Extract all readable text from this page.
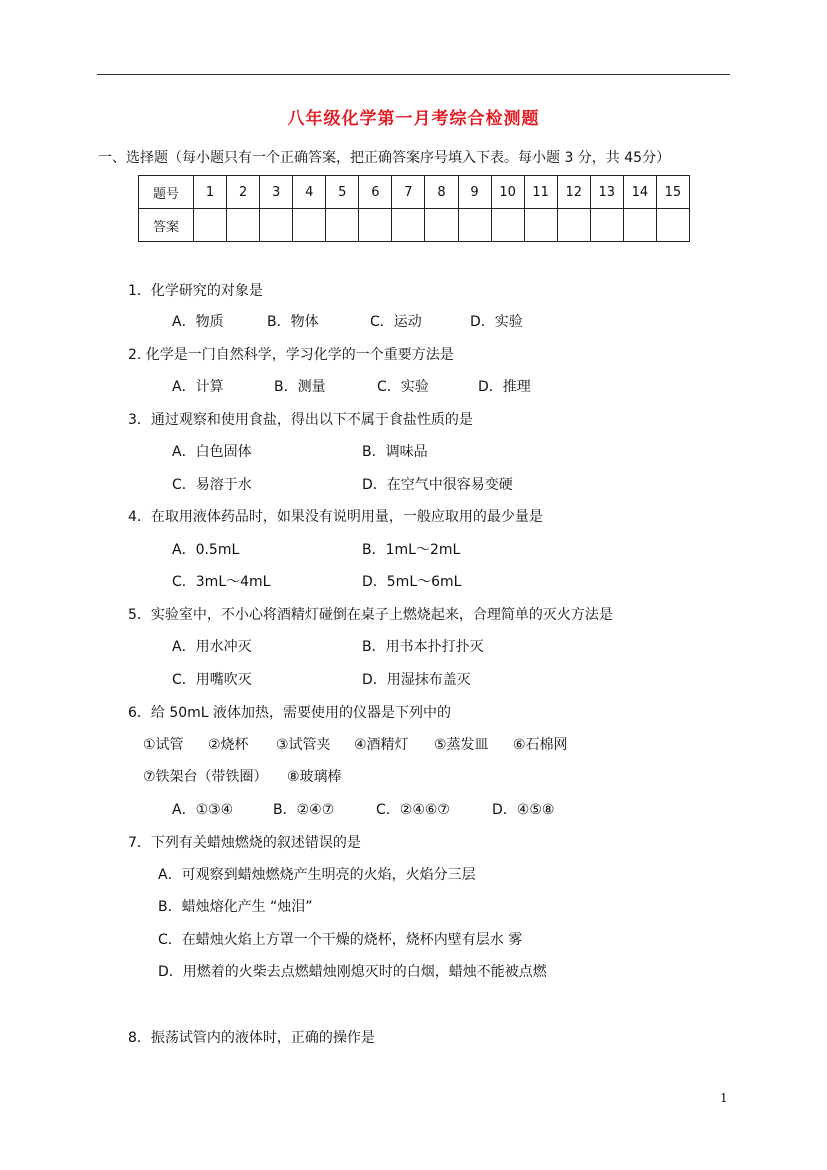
八年级化学第一月考综合检测题
一、选择题（每小题只有一个正确答案，把正确答案序号填入下表。每小题 3 分，共 45分）
题号	1	2	3	4	5	6	7	8	9	10	11	12	13	14	15
答案															
1．化学研究的对象是
A．物质	B．物体	C．运动	D．实验
2. 化学是一门自然科学，学习化学的一个重要方法是
A．计算	B．测量	C．实验	D．推理
3．通过观察和使用食盐，得出以下不属于食盐性质的是
A．白色固体	B．调味品
C．易溶于水	D．在空气中很容易变硬
4．在取用液体药品时，如果没有说明用量，一般应取用的最少量是
A．0.5mL	B．1mL～2mL
C．3mL～4mL	D．5mL～6mL
5．实验室中，不小心将酒精灯碰倒在桌子上燃烧起来，合理简单的灭火方法是
A．用水冲灭	B．用书本扑打扑灭
C．用嘴吹灭	D．用湿抹布盖灭
6．给 50mL 液体加热，需要使用的仪器是下列中的
①试管 ②烧杯 ③试管夹 ④酒精灯 ⑤蒸发皿 ⑥石棉网
⑦铁架台（带铁圈） ⑧玻璃棒
A．①③④	B．②④⑦	C．②④⑥⑦	D．④⑤⑧
7．下列有关蜡烛燃烧的叙述错误的是
A．可观察到蜡烛燃烧产生明亮的火焰，火焰分三层
B．蜡烛熔化产生 “烛泪”
C．在蜡烛火焰上方罩一个干燥的烧杯，烧杯内壁有层水 雾
D．用燃着的火柴去点燃蜡烛刚熄灭时的白烟，蜡烛不能被点燃
8．振荡试管内的液体时，正确的操作是
1
